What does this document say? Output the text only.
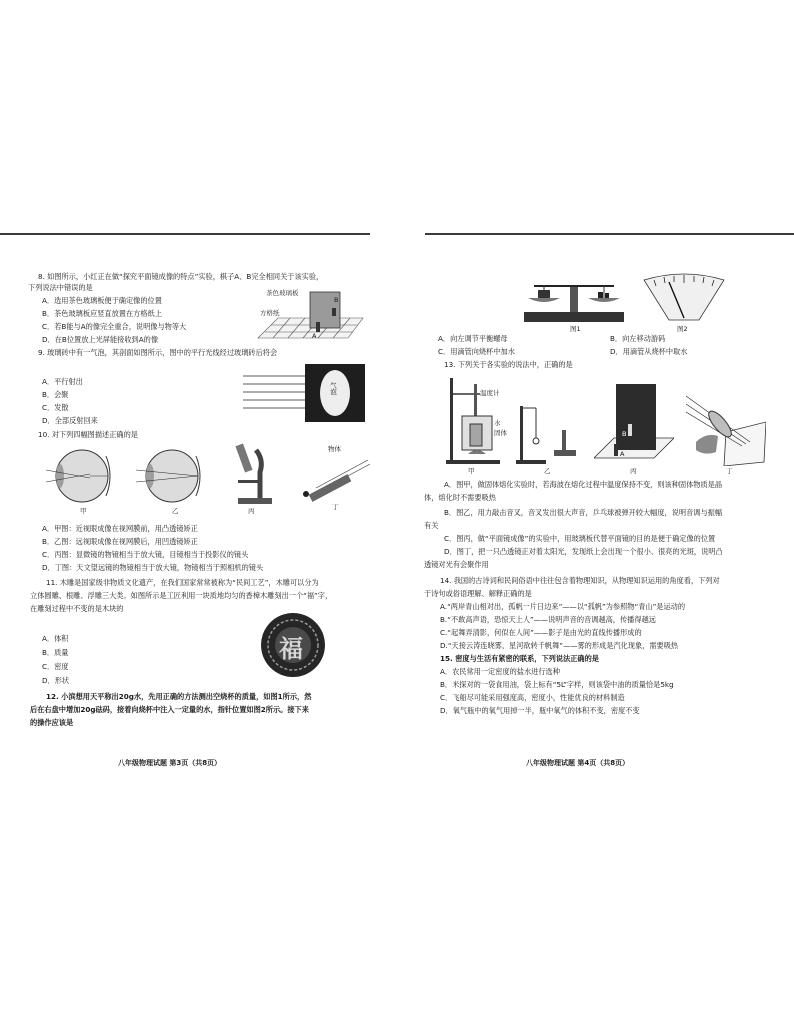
8. 如图所示，小红正在做“探究平面镜成像的特点”实验，棋子A、B完全相同关于该实验，
下列说法中错误的是
A．选用茶色玻璃板便于确定像的位置
B．茶色玻璃板应竖直放置在方格纸上
C．若B能与A的像完全重合，说明像与物等大
D．在B位置放上光屏能接收到A的像
茶色玻璃板
方格纸
A
B
9. 玻璃砖中有一气泡，其剖面如图所示，图中的平行光线经过玻璃砖后将会
A．平行射出
B．会聚
C．发散
D．全部反射回来
气泡
10. 对下列四幅图描述正确的是
甲	乙	丙
物体
丁
A．甲图：近视眼成像在视网膜前，用凸透镜矫正
B．乙图：远视眼成像在视网膜后，用凹透镜矫正
C．丙图：显微镜的物镜相当于放大镜，目镜相当于投影仪的镜头
D．丁图：天文望远镜的物镜相当于放大镜，物镜相当于照相机的镜头
11. 木雕是国家级非物质文化遗产，在我们国家常常被称为“民间工艺”，木雕可以分为
立体圆雕、根雕、浮雕三大类。如图所示是工匠利用一块质地均匀的香樟木雕刻出一个“福”字，
在雕刻过程中不变的是木块的
A．体积
B．质量
C．密度
D．形状
福
12. 小滨想用天平称出20g水，先用正确的方法测出空烧杯的质量，如图1所示，然
后在右盘中增加20g砝码，接着向烧杯中注入一定量的水，指针位置如图2所示。接下来
的操作应该是
八年级物理试题 第3页（共8页）
图1	图2
A．向左调节平衡螺母	B．向左移动游码
C．用滴管向烧杯中加水	D．用滴管从烧杯中取水
13. 下列关于各实验的说法中，正确的是
温度计
水
固体
甲	乙
B
A
丙	丁
A．图甲，做固体熔化实验时，若海波在熔化过程中温度保持不变，则该种固体物质是晶
体，熔化时不需要吸热
B．图乙，用力敲击音叉，音叉发出很大声音，乒乓球被弹开较大幅度，说明音调与振幅
有关
C．图丙，做“平面镜成像”的实验中，用玻璃板代替平面镜的目的是便于确定像的位置
D．图丁，把一只凸透镜正对着太阳光，发现纸上会出现一个很小、很亮的光斑，说明凸
透镜对光有会聚作用
14. 我国的古诗词和民间俗语中往往包含着物理知识，从物理知识运用的角度看，下列对
于诗句或俗语理解、解释正确的是
A.“两岸青山相对出，孤帆一片日边来”——以“孤帆”为参照物“青山”是运动的
B.“不敢高声语，恐惊天上人”——说明声音的音调越高，传播得越远
C.“起舞弄清影，何似在人间”——影子是由光的直线传播形成的
D.“天接云涛连晓雾，星河欲转千帆舞”——雾的形成是汽化现象，需要吸热
15. 密度与生活有紧密的联系，下列说法正确的是
A．农民常用一定密度的盐水进行选种
B．米探对的一袋食用油，袋上标有“5L”字样，则该袋中油的质量恰是5kg
C．飞船尽可能采用强度高，密度小，性能优良的材料制造
D．氧气瓶中的氧气用掉一半，瓶中氧气的体积不变，密度不变
八年级物理试题 第4页（共8页）
